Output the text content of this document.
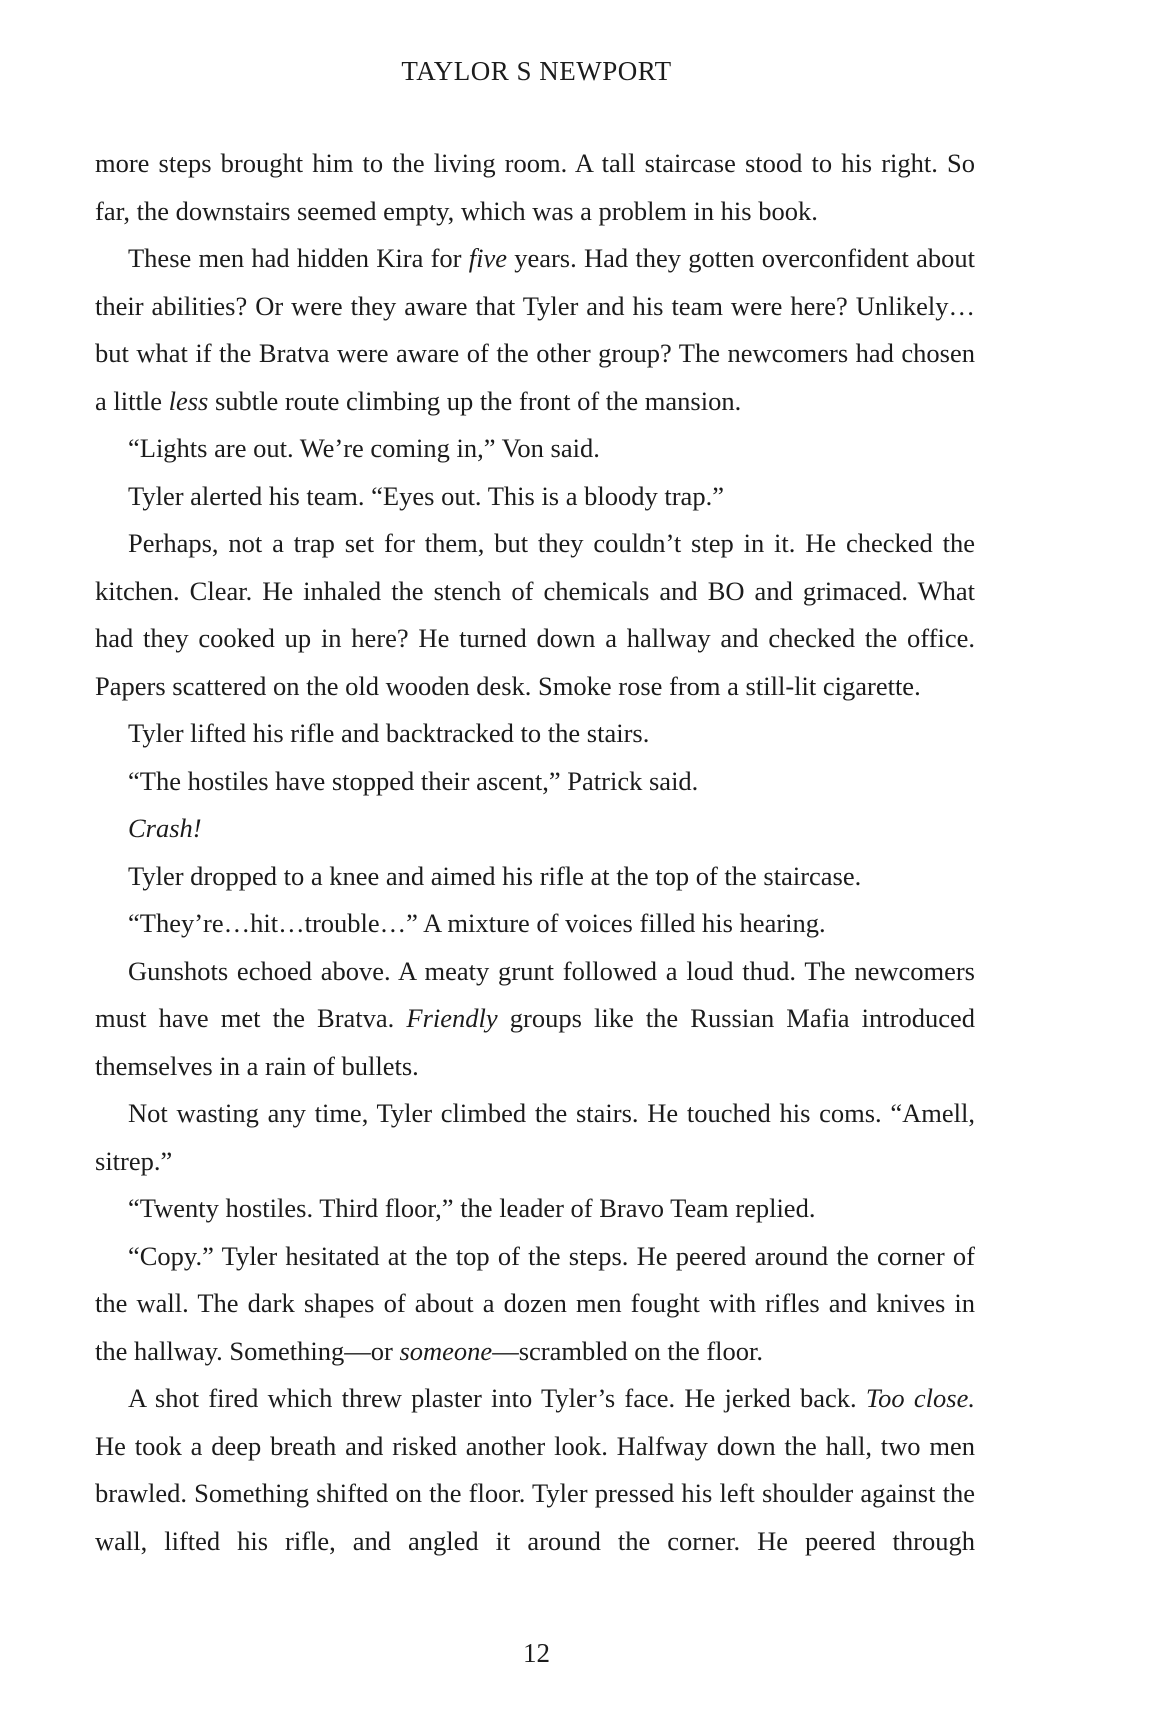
TAYLOR S NEWPORT

more steps brought him to the living room. A tall staircase stood to his right. So far, the downstairs seemed empty, which was a problem in his book.

These men had hidden Kira for five years. Had they gotten overconfident about their abilities? Or were they aware that Tyler and his team were here? Unlikely…but what if the Bratva were aware of the other group? The newcomers had chosen a little less subtle route climbing up the front of the mansion.

“Lights are out. We’re coming in,” Von said.

Tyler alerted his team. “Eyes out. This is a bloody trap.”

Perhaps, not a trap set for them, but they couldn’t step in it. He checked the kitchen. Clear. He inhaled the stench of chemicals and BO and grimaced. What had they cooked up in here? He turned down a hallway and checked the office. Papers scattered on the old wooden desk. Smoke rose from a still-lit cigarette.

Tyler lifted his rifle and backtracked to the stairs.

“The hostiles have stopped their ascent,” Patrick said.

Crash!

Tyler dropped to a knee and aimed his rifle at the top of the staircase.

“They’re…hit…trouble…” A mixture of voices filled his hearing.

Gunshots echoed above. A meaty grunt followed a loud thud. The newcomers must have met the Bratva. Friendly groups like the Russian Mafia introduced themselves in a rain of bullets.

Not wasting any time, Tyler climbed the stairs. He touched his coms. “Amell, sitrep.”

“Twenty hostiles. Third floor,” the leader of Bravo Team replied.

“Copy.” Tyler hesitated at the top of the steps. He peered around the corner of the wall. The dark shapes of about a dozen men fought with rifles and knives in the hallway. Something—or someone—scrambled on the floor.

A shot fired which threw plaster into Tyler’s face. He jerked back. Too close. He took a deep breath and risked another look. Halfway down the hall, two men brawled. Something shifted on the floor. Tyler pressed his left shoulder against the wall, lifted his rifle, and angled it around the corner. He peered through

12
